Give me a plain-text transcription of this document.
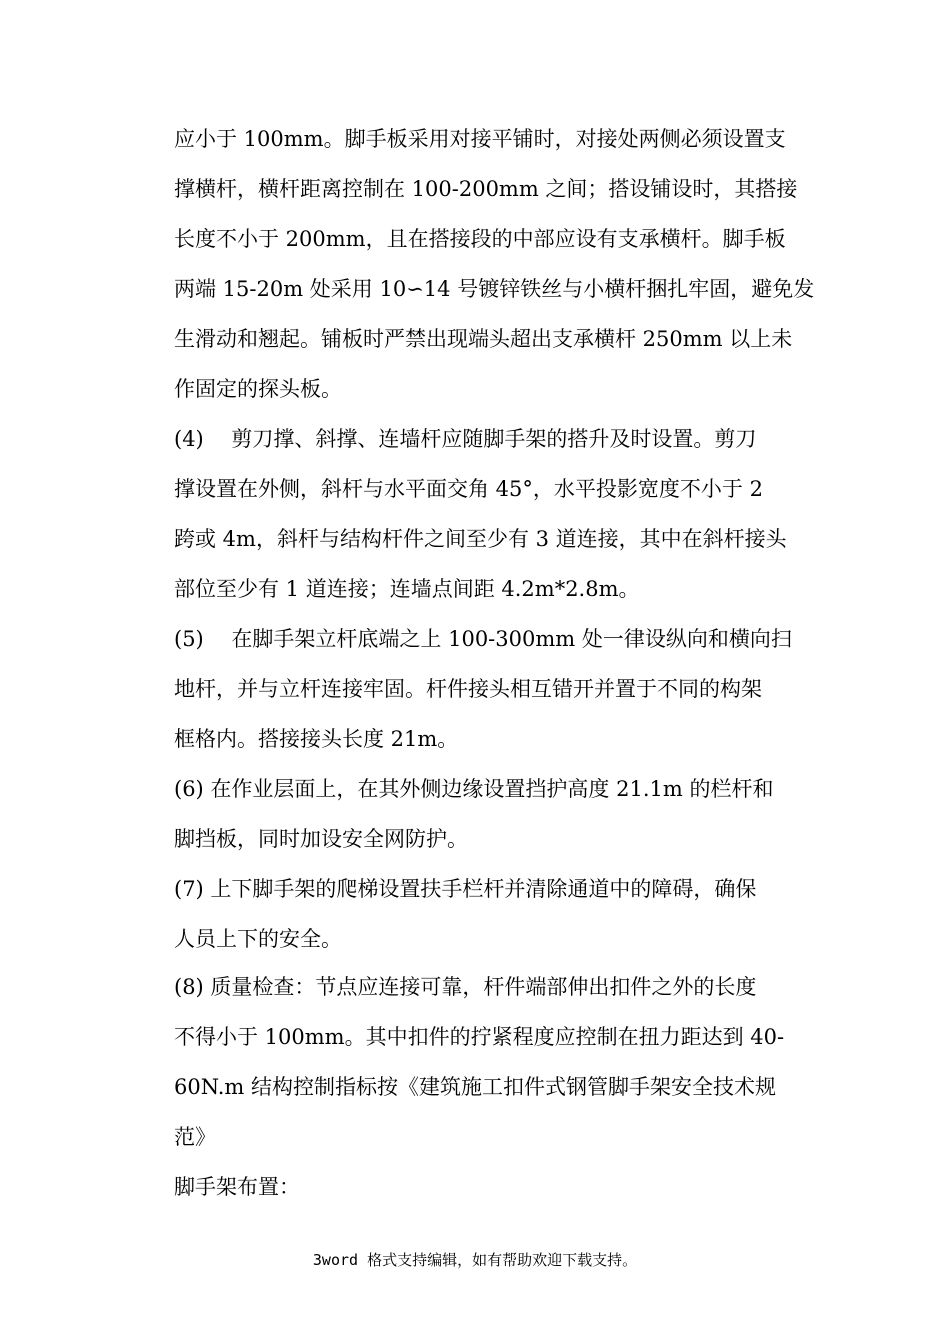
应小于 100mm。脚手板采用对接平铺时，对接处两侧必须设置支
撑横杆，横杆距离控制在 100-200mm 之间；搭设铺设时，其搭接
长度不小于 200mm，且在搭接段的中部应设有支承横杆。脚手板
两端 15-20m 处采用 10∽14 号镀锌铁丝与小横杆捆扎牢固，避免发
生滑动和翘起。铺板时严禁出现端头超出支承横杆 250mm 以上未
作固定的探头板。
(4)　 剪刀撑、斜撑、连墙杆应随脚手架的搭升及时设置。剪刀
撑设置在外侧，斜杆与水平面交角 45°，水平投影宽度不小于 2
跨或 4m，斜杆与结构杆件之间至少有 3 道连接，其中在斜杆接头
部位至少有 1 道连接；连墙点间距 4.2m*2.8m。
(5)　 在脚手架立杆底端之上 100-300mm 处一律设纵向和横向扫
地杆，并与立杆连接牢固。杆件接头相互错开并置于不同的构架
框格内。搭接接头长度 21m。
(6) 在作业层面上，在其外侧边缘设置挡护高度 21.1m 的栏杆和
脚挡板，同时加设安全网防护。
(7) 上下脚手架的爬梯设置扶手栏杆并清除通道中的障碍，确保
人员上下的安全。
(8) 质量检查：节点应连接可靠，杆件端部伸出扣件之外的长度
不得小于 100mm。其中扣件的拧紧程度应控制在扭力距达到 40-
60N.m 结构控制指标按《建筑施工扣件式钢管脚手架安全技术规
范》
脚手架布置：
3word 格式支持编辑，如有帮助欢迎下载支持。
